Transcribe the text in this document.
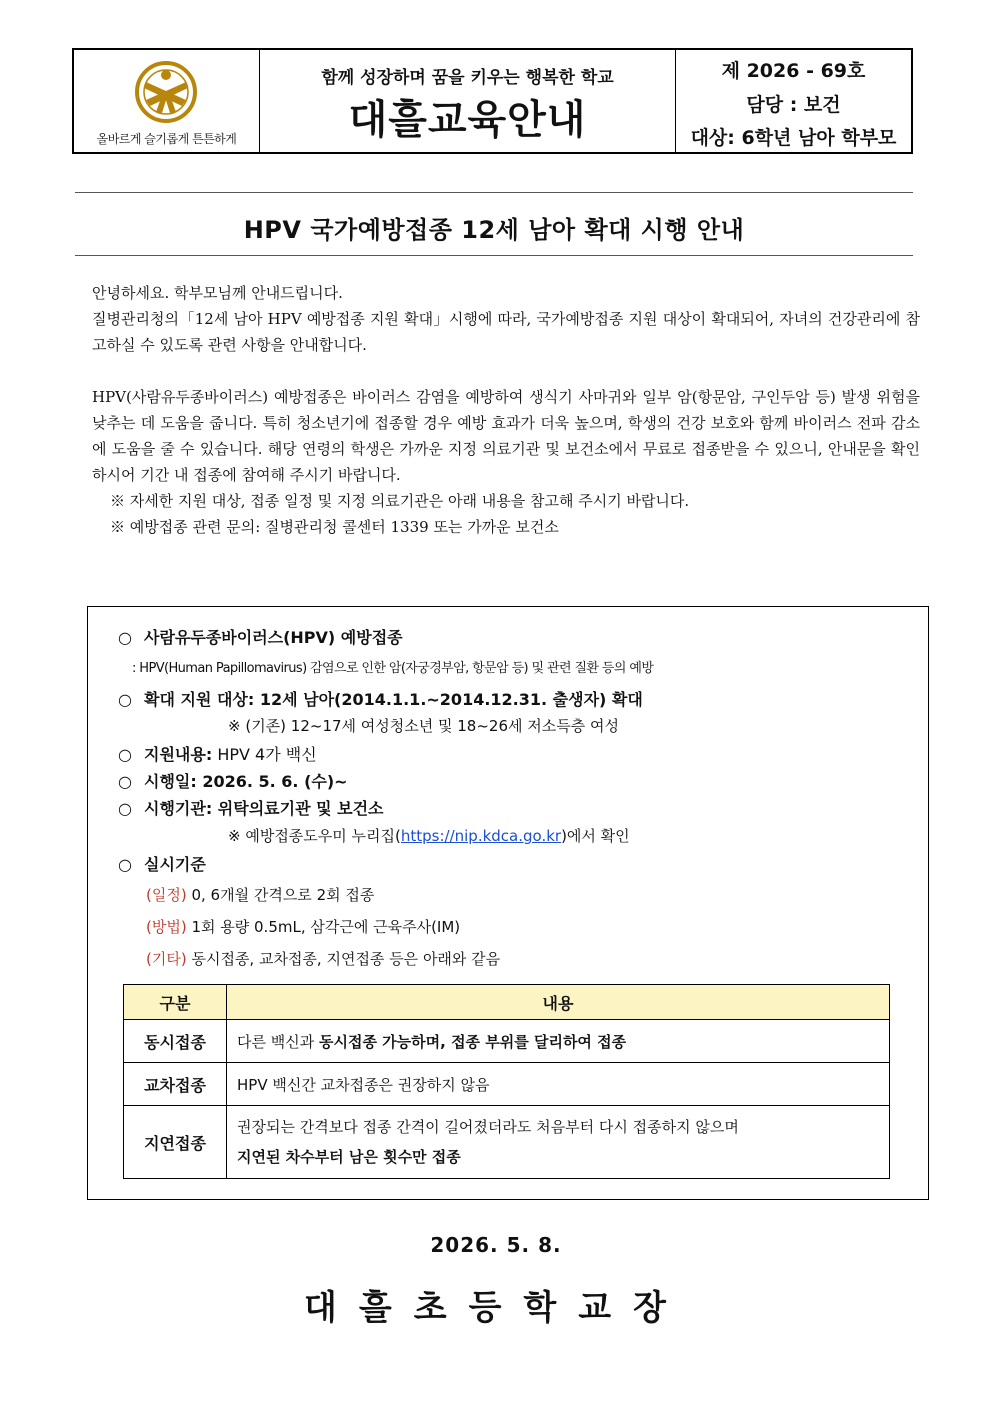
올바르게 슬기롭게 튼튼하게
함께 성장하며 꿈을 키우는 행복한 학교
대흘교육안내
제 2026 - 69호
담당 : 보건
대상: 6학년 남아 학부모
HPV 국가예방접종 12세 남아 확대 시행 안내

안녕하세요. 학부모님께 안내드립니다.

질병관리청의「12세 남아 HPV 예방접종 지원 확대」시행에 따라, 국가예방접종 지원 대상이 확대되어, 자녀의 건강관리에 참고하실 수 있도록 관련 사항을 안내합니다.

HPV(사람유두종바이러스) 예방접종은 바이러스 감염을 예방하여 생식기 사마귀와 일부 암(항문암, 구인두암 등) 발생 위험을 낮추는 데 도움을 줍니다. 특히 청소년기에 접종할 경우 예방 효과가 더욱 높으며, 학생의 건강 보호와 함께 바이러스 전파 감소에 도움을 줄 수 있습니다. 해당 연령의 학생은 가까운 지정 의료기관 및 보건소에서 무료로 접종받을 수 있으니, 안내문을 확인하시어 기간 내 접종에 참여해 주시기 바랍니다.

※ 자세한 지원 대상, 접종 일정 및 지정 의료기관은 아래 내용을 참고해 주시기 바랍니다.

※ 예방접종 관련 문의: 질병관리청 콜센터 1339 또는 가까운 보건소

○ 사람유두종바이러스(HPV) 예방접종
: HPV(Human Papillomavirus) 감염으로 인한 암(자궁경부암, 항문암 등) 및 관련 질환 등의 예방
○ 확대 지원 대상: 12세 남아(2014.1.1.~2014.12.31. 출생자) 확대
※ (기존) 12~17세 여성청소년 및 18~26세 저소득층 여성
○ 지원내용: HPV 4가 백신
○ 시행일: 2026. 5. 6. (수)~
○ 시행기관: 위탁의료기관 및 보건소
※ 예방접종도우미 누리집(https://nip.kdca.go.kr)에서 확인
○ 실시기준
(일정) 0, 6개월 간격으로 2회 접종
(방법) 1회 용량 0.5mL, 삼각근에 근육주사(IM)
(기타) 동시접종, 교차접종, 지연접종 등은 아래와 같음
구분	내용
동시접종	다른 백신과 동시접종 가능하며, 접종 부위를 달리하여 접종
교차접종	HPV 백신간 교차접종은 권장하지 않음
지연접종	권장되는 간격보다 접종 간격이 길어졌더라도 처음부터 다시 접종하지 않으며
지연된 차수부터 남은 횟수만 접종
2026. 5. 8.
대흘초등학교장
